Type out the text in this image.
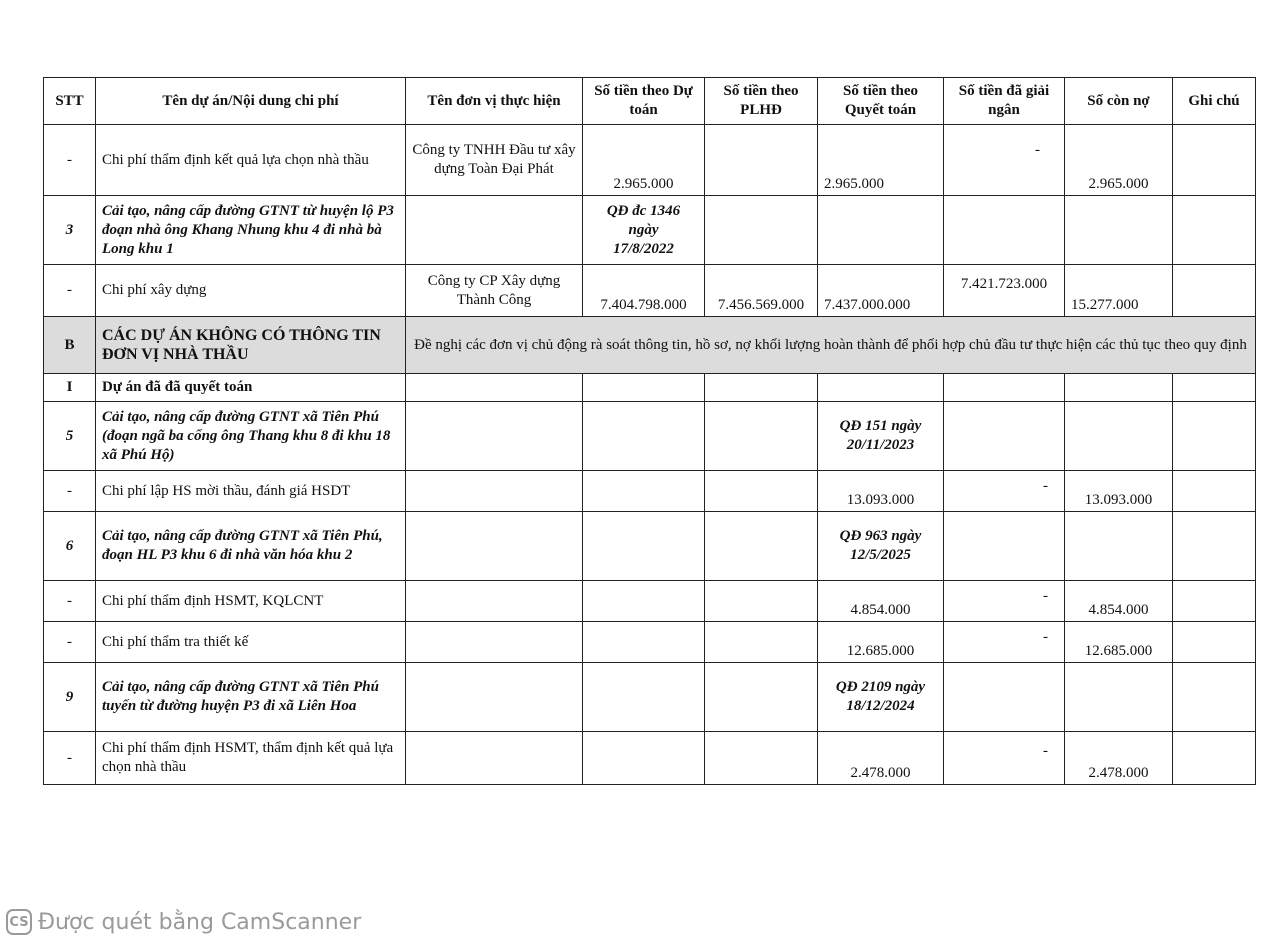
STT	Tên dự án/Nội dung chi phí	Tên đơn vị thực hiện	Số tiền theo Dự toán	Số tiền theo PLHĐ	Số tiền theo Quyết toán	Số tiền đã giải ngân	Số còn nợ	Ghi chú
-	Chi phí thẩm định kết quả lựa chọn nhà thầu	Công ty TNHH Đầu tư xây dựng Toàn Đại Phát	2.965.000		2.965.000	-	2.965.000	
3	Cải tạo, nâng cấp đường GTNT từ huyện lộ P3 đoạn nhà ông Khang Nhung khu 4 đi nhà bà Long khu 1		QĐ đc 1346 ngày 17/8/2022					
-	Chi phí xây dựng	Công ty CP Xây dựng Thành Công	7.404.798.000	7.456.569.000	7.437.000.000	7.421.723.000	15.277.000	
B	CÁC DỰ ÁN KHÔNG CÓ THÔNG TIN ĐƠN VỊ NHÀ THẦU	Đề nghị các đơn vị chủ động rà soát thông tin, hồ sơ, nợ khối lượng hoàn thành để phối hợp chủ đầu tư thực hiện các thủ tục theo quy định						
I	Dự án đã đã quyết toán							
5	Cải tạo, nâng cấp đường GTNT xã Tiên Phú (đoạn ngã ba cổng ông Thang khu 8 đi khu 18 xã Phú Hộ)				QĐ 151 ngày 20/11/2023			
-	Chi phí lập HS mời thầu, đánh giá HSDT				13.093.000	-	13.093.000	
6	Cải tạo, nâng cấp đường GTNT xã Tiên Phú, đoạn HL P3 khu 6 đi nhà văn hóa khu 2				QĐ 963 ngày 12/5/2025			
-	Chi phí thẩm định HSMT, KQLCNT				4.854.000	-	4.854.000	
-	Chi phí thẩm tra thiết kế				12.685.000	-	12.685.000	
9	Cải tạo, nâng cấp đường GTNT xã Tiên Phú tuyến từ đường huyện P3 đi xã Liên Hoa				QĐ 2109 ngày 18/12/2024			
-	Chi phí thẩm định HSMT, thẩm định kết quả lựa chọn nhà thầu				2.478.000	-	2.478.000	
CS Được quét bằng CamScanner
